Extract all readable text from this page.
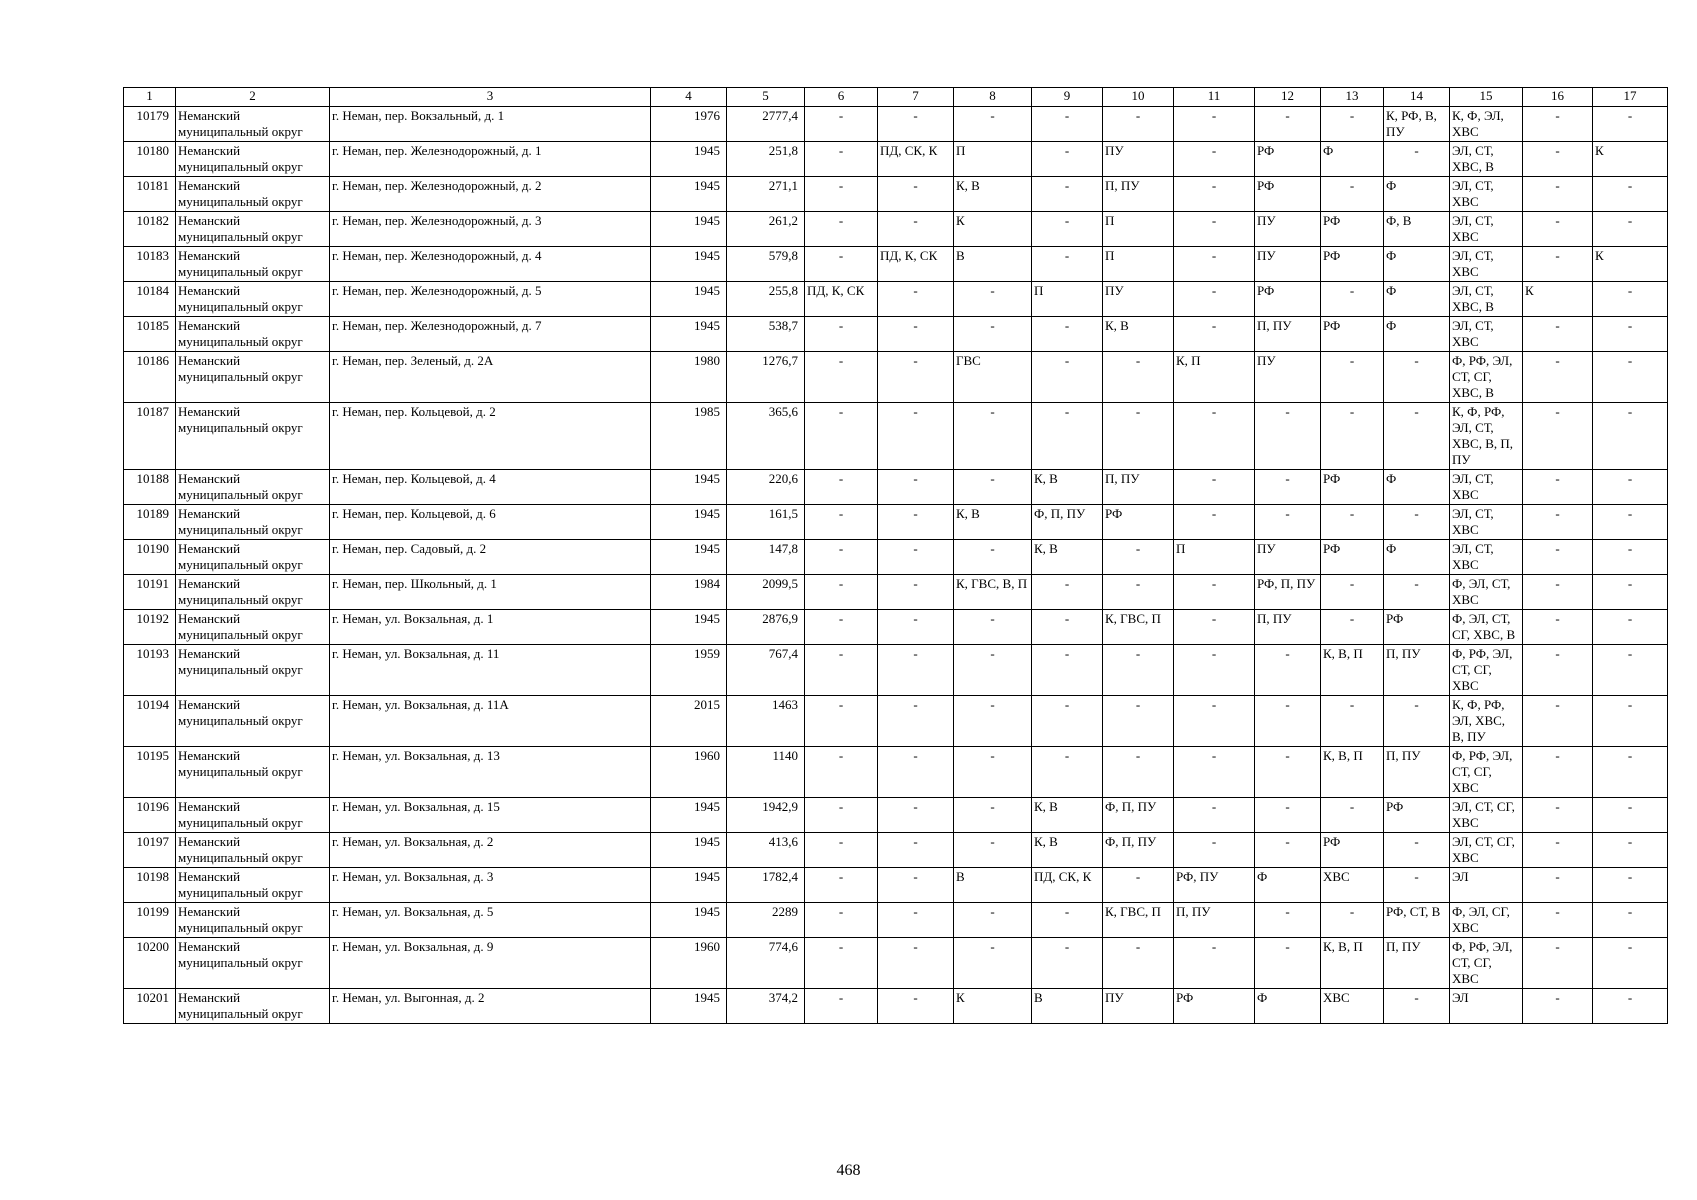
1	2	3	4	5	6	7	8	9	10	11	12	13	14	15	16	17
10179	Неманский муниципальный округ	г. Неман, пер. Вокзальный, д. 1	1976	2777,4	-	-	-	-	-	-	-	-	К, РФ, В, ПУ	К, Ф, ЭЛ, ХВС	-	-
10180	Неманский муниципальный округ	г. Неман, пер. Железнодорожный, д. 1	1945	251,8	-	ПД, СК, К	П	-	ПУ	-	РФ	Ф	-	ЭЛ, СТ, ХВС, В	-	К
10181	Неманский муниципальный округ	г. Неман, пер. Железнодорожный, д. 2	1945	271,1	-	-	К, В	-	П, ПУ	-	РФ	-	Ф	ЭЛ, СТ, ХВС	-	-
10182	Неманский муниципальный округ	г. Неман, пер. Железнодорожный, д. 3	1945	261,2	-	-	К	-	П	-	ПУ	РФ	Ф, В	ЭЛ, СТ, ХВС	-	-
10183	Неманский муниципальный округ	г. Неман, пер. Железнодорожный, д. 4	1945	579,8	-	ПД, К, СК	В	-	П	-	ПУ	РФ	Ф	ЭЛ, СТ, ХВС	-	К
10184	Неманский муниципальный округ	г. Неман, пер. Железнодорожный, д. 5	1945	255,8	ПД, К, СК	-	-	П	ПУ	-	РФ	-	Ф	ЭЛ, СТ, ХВС, В	К	-
10185	Неманский муниципальный округ	г. Неман, пер. Железнодорожный, д. 7	1945	538,7	-	-	-	-	К, В	-	П, ПУ	РФ	Ф	ЭЛ, СТ, ХВС	-	-
10186	Неманский муниципальный округ	г. Неман, пер. Зеленый, д. 2А	1980	1276,7	-	-	ГВС	-	-	К, П	ПУ	-	-	Ф, РФ, ЭЛ, СТ, СГ, ХВС, В	-	-
10187	Неманский муниципальный округ	г. Неман, пер. Кольцевой, д. 2	1985	365,6	-	-	-	-	-	-	-	-	-	К, Ф, РФ, ЭЛ, СТ, ХВС, В, П, ПУ	-	-
10188	Неманский муниципальный округ	г. Неман, пер. Кольцевой, д. 4	1945	220,6	-	-	-	К, В	П, ПУ	-	-	РФ	Ф	ЭЛ, СТ, ХВС	-	-
10189	Неманский муниципальный округ	г. Неман, пер. Кольцевой, д. 6	1945	161,5	-	-	К, В	Ф, П, ПУ	РФ	-	-	-	-	ЭЛ, СТ, ХВС	-	-
10190	Неманский муниципальный округ	г. Неман, пер. Садовый, д. 2	1945	147,8	-	-	-	К, В	-	П	ПУ	РФ	Ф	ЭЛ, СТ, ХВС	-	-
10191	Неманский муниципальный округ	г. Неман, пер. Школьный, д. 1	1984	2099,5	-	-	К, ГВС, В, П	-	-	-	РФ, П, ПУ	-	-	Ф, ЭЛ, СТ, ХВС	-	-
10192	Неманский муниципальный округ	г. Неман, ул. Вокзальная, д. 1	1945	2876,9	-	-	-	-	К, ГВС, П	-	П, ПУ	-	РФ	Ф, ЭЛ, СТ, СГ, ХВС, В	-	-
10193	Неманский муниципальный округ	г. Неман, ул. Вокзальная, д. 11	1959	767,4	-	-	-	-	-	-	-	К, В, П	П, ПУ	Ф, РФ, ЭЛ, СТ, СГ, ХВС	-	-
10194	Неманский муниципальный округ	г. Неман, ул. Вокзальная, д. 11А	2015	1463	-	-	-	-	-	-	-	-	-	К, Ф, РФ, ЭЛ, ХВС, В, ПУ	-	-
10195	Неманский муниципальный округ	г. Неман, ул. Вокзальная, д. 13	1960	1140	-	-	-	-	-	-	-	К, В, П	П, ПУ	Ф, РФ, ЭЛ, СТ, СГ, ХВС	-	-
10196	Неманский муниципальный округ	г. Неман, ул. Вокзальная, д. 15	1945	1942,9	-	-	-	К, В	Ф, П, ПУ	-	-	-	РФ	ЭЛ, СТ, СГ, ХВС	-	-
10197	Неманский муниципальный округ	г. Неман, ул. Вокзальная, д. 2	1945	413,6	-	-	-	К, В	Ф, П, ПУ	-	-	РФ	-	ЭЛ, СТ, СГ, ХВС	-	-
10198	Неманский муниципальный округ	г. Неман, ул. Вокзальная, д. 3	1945	1782,4	-	-	В	ПД, СК, К	-	РФ, ПУ	Ф	ХВС	-	ЭЛ	-	-
10199	Неманский муниципальный округ	г. Неман, ул. Вокзальная, д. 5	1945	2289	-	-	-	-	К, ГВС, П	П, ПУ	-	-	РФ, СТ, В	Ф, ЭЛ, СГ, ХВС	-	-
10200	Неманский муниципальный округ	г. Неман, ул. Вокзальная, д. 9	1960	774,6	-	-	-	-	-	-	-	К, В, П	П, ПУ	Ф, РФ, ЭЛ, СТ, СГ, ХВС	-	-
10201	Неманский муниципальный округ	г. Неман, ул. Выгонная, д. 2	1945	374,2	-	-	К	В	ПУ	РФ	Ф	ХВС	-	ЭЛ	-	-
468
